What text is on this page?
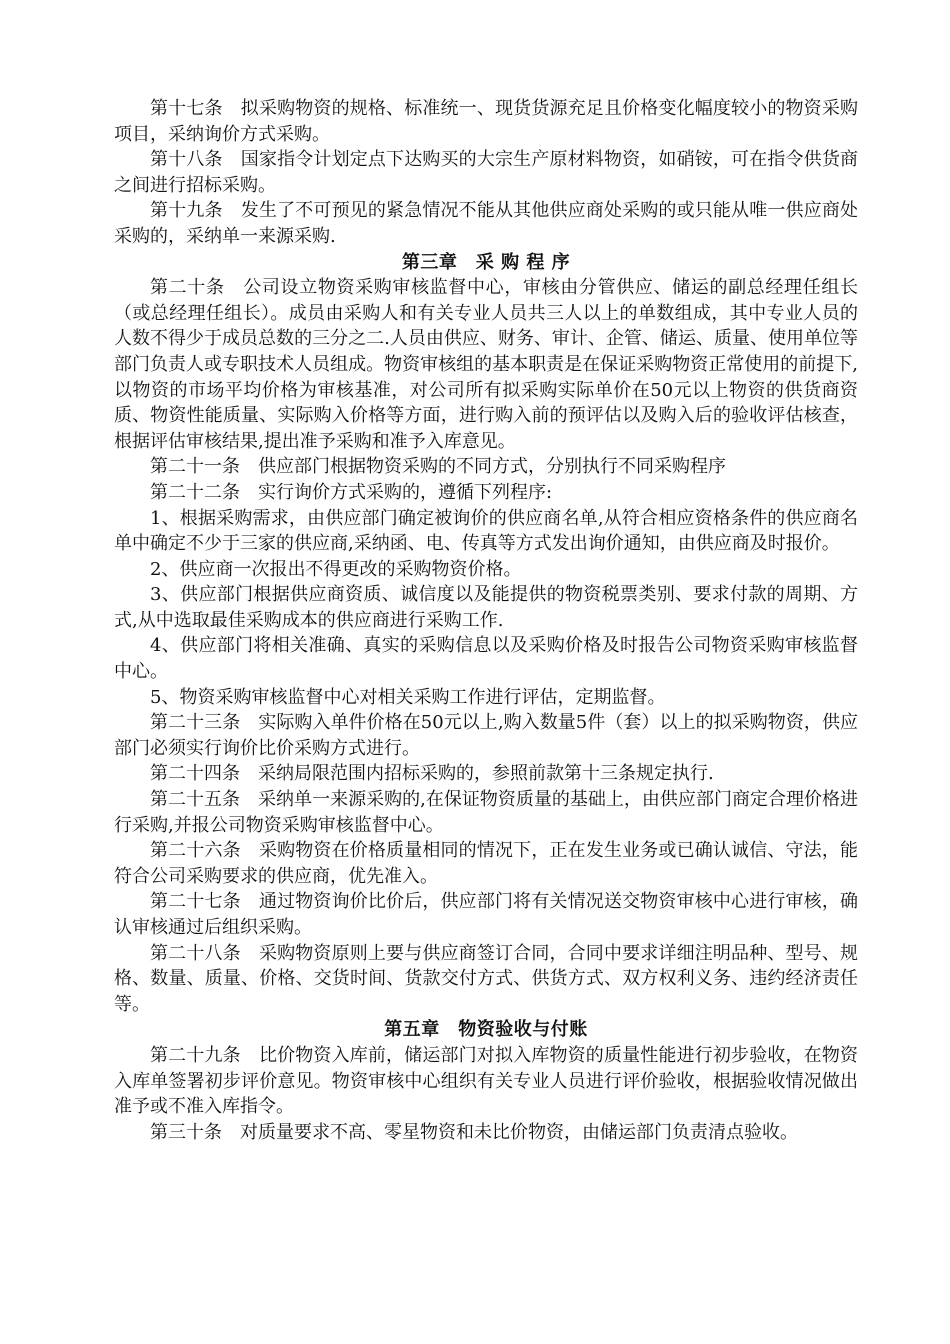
第十七条　拟采购物资的规格、标准统一、现货货源充足且价格变化幅度较小的物资采购项目，采纳询价方式采购。

第十八条　国家指令计划定点下达购买的大宗生产原材料物资，如硝铵，可在指令供货商之间进行招标采购。

第十九条　发生了不可预见的紧急情况不能从其他供应商处采购的或只能从唯一供应商处采购的，采纳单一来源采购.

第三章　采 购 程 序

第二十条　公司设立物资采购审核监督中心，审核由分管供应、储运的副总经理任组长（或总经理任组长）。成员由采购人和有关专业人员共三人以上的单数组成，其中专业人员的人数不得少于成员总数的三分之二.人员由供应、财务、审计、企管、储运、质量、使用单位等部门负责人或专职技术人员组成。物资审核组的基本职责是在保证采购物资正常使用的前提下,以物资的市场平均价格为审核基准，对公司所有拟采购实际单价在50元以上物资的供货商资质、物资性能质量、实际购入价格等方面，进行购入前的预评估以及购入后的验收评估核查，根据评估审核结果,提出准予采购和准予入库意见。

第二十一条　供应部门根据物资采购的不同方式，分别执行不同采购程序

第二十二条　实行询价方式采购的，遵循下列程序:

1、根据采购需求，由供应部门确定被询价的供应商名单,从符合相应资格条件的供应商名单中确定不少于三家的供应商,采纳函、电、传真等方式发出询价通知，由供应商及时报价。

2、供应商一次报出不得更改的采购物资价格。

3、供应部门根据供应商资质、诚信度以及能提供的物资税票类别、要求付款的周期、方式,从中选取最佳采购成本的供应商进行采购工作.

4、供应部门将相关准确、真实的采购信息以及采购价格及时报告公司物资采购审核监督中心。

5、物资采购审核监督中心对相关采购工作进行评估，定期监督。

第二十三条　实际购入单件价格在50元以上,购入数量5件（套）以上的拟采购物资，供应部门必须实行询价比价采购方式进行。

第二十四条　采纳局限范围内招标采购的，参照前款第十三条规定执行.

第二十五条　采纳单一来源采购的,在保证物资质量的基础上，由供应部门商定合理价格进行采购,并报公司物资采购审核监督中心。

第二十六条　采购物资在价格质量相同的情况下，正在发生业务或已确认诚信、守法，能符合公司采购要求的供应商，优先准入。

第二十七条　通过物资询价比价后，供应部门将有关情况送交物资审核中心进行审核，确认审核通过后组织采购。

第二十八条　采购物资原则上要与供应商签订合同，合同中要求详细注明品种、型号、规格、数量、质量、价格、交货时间、货款交付方式、供货方式、双方权利义务、违约经济责任等。

第五章　物资验收与付账

第二十九条　比价物资入库前，储运部门对拟入库物资的质量性能进行初步验收，在物资入库单签署初步评价意见。物资审核中心组织有关专业人员进行评价验收，根据验收情况做出准予或不准入库指令。

第三十条　对质量要求不高、零星物资和未比价物资，由储运部门负责清点验收。
